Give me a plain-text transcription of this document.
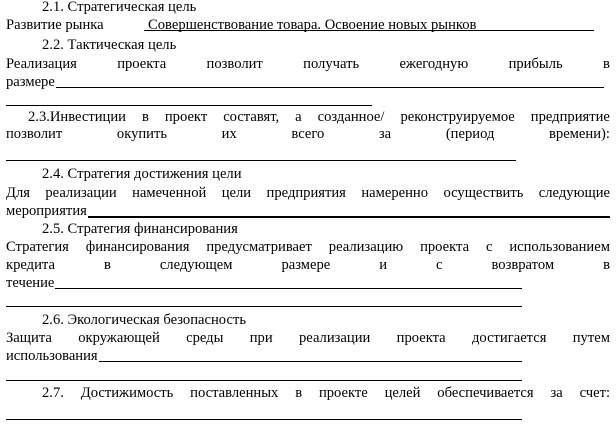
2.1. Стратегическая цель
Развитие рынка	Совершенствование товара. Освоение новых рынков
2.2. Тактическая цель
Реализация	проекта	позволит	получать	ежегодную	прибыль	в
размере
2.3.Инвестиции в проект составят, а созданное/ реконструируемое предприятие
позволит	окупить	их	всего	за	(период	времени):
2.4. Стратегия достижения цели
Для реализации намеченной цели предприятия намеренно осуществить следующие
мероприятия
2.5. Стратегия финансирования
Стратегия финансирования предусматривает реализацию проекта с использованием
кредита	в	следующем	размере	и	с	возвратом	в
течение
2.6. Экологическая безопасность
Защита окружающей среды при реализации проекта достигается путем
использования
2.7. Достижимость поставленных в проекте целей обеспечивается за счет:
